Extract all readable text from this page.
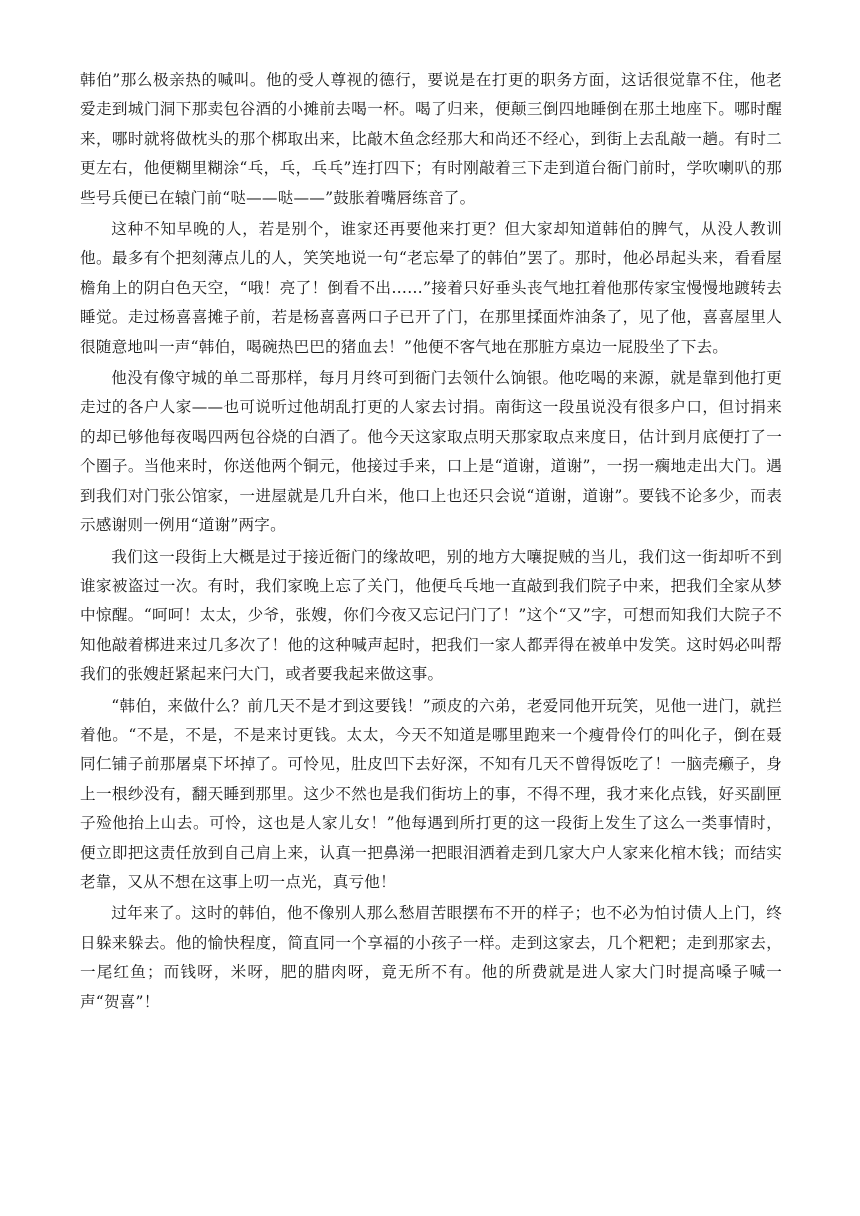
韩伯”那么极亲热的喊叫。他的受人尊视的德行，要说是在打更的职务方面，这话很觉靠不住，他老爱走到城门洞下那卖包谷酒的小摊前去喝一杯。喝了归来，便颠三倒四地睡倒在那土地座下。哪时醒来，哪时就将做枕头的那个梆取出来，比敲木鱼念经那大和尚还不经心，到街上去乱敲一趟。有时二更左右，他便糊里糊涂“乓，乓，乓乓”连打四下；有时刚敲着三下走到道台衙门前时，学吹喇叭的那些号兵便已在辕门前“哒——哒——”鼓胀着嘴唇练音了。

这种不知早晚的人，若是别个，谁家还再要他来打更？但大家却知道韩伯的脾气，从没人教训他。最多有个把刻薄点儿的人，笑笑地说一句“老忘晕了的韩伯”罢了。那时，他必昂起头来，看看屋檐角上的阴白色天空，“哦！亮了！倒看不出……”接着只好垂头丧气地扛着他那传家宝慢慢地踱转去睡觉。走过杨喜喜摊子前，若是杨喜喜两口子已开了门，在那里揉面炸油条了，见了他，喜喜屋里人很随意地叫一声“韩伯，喝碗热巴巴的猪血去！”他便不客气地在那脏方桌边一屁股坐了下去。

他没有像守城的单二哥那样，每月月终可到衙门去领什么饷银。他吃喝的来源，就是靠到他打更走过的各户人家——也可说听过他胡乱打更的人家去讨捐。南街这一段虽说没有很多户口，但讨捐来的却已够他每夜喝四两包谷烧的白酒了。他今天这家取点明天那家取点来度日，估计到月底便打了一个圈子。当他来时，你送他两个铜元，他接过手来，口上是“道谢，道谢”，一拐一瘸地走出大门。遇到我们对门张公馆家，一进屋就是几升白米，他口上也还只会说“道谢，道谢”。要钱不论多少，而表示感谢则一例用“道谢”两字。

我们这一段街上大概是过于接近衙门的缘故吧，别的地方大嚷捉贼的当儿，我们这一街却听不到谁家被盗过一次。有时，我们家晚上忘了关门，他便乓乓地一直敲到我们院子中来，把我们全家从梦中惊醒。“呵呵！太太，少爷，张嫂，你们今夜又忘记闩门了！”这个“又”字，可想而知我们大院子不知他敲着梆进来过几多次了！他的这种喊声起时，把我们一家人都弄得在被单中发笑。这时妈必叫帮我们的张嫂赶紧起来闩大门，或者要我起来做这事。

“韩伯，来做什么？前几天不是才到这要钱！”顽皮的六弟，老爱同他开玩笑，见他一进门，就拦着他。“不是，不是，不是来讨更钱。太太，今天不知道是哪里跑来一个瘦骨伶仃的叫化子，倒在聂同仁铺子前那屠桌下坏掉了。可怜见，肚皮凹下去好深，不知有几天不曾得饭吃了！一脑壳癞子，身上一根纱没有，翻天睡到那里。这少不然也是我们街坊上的事，不得不理，我才来化点钱，好买副匣子殓他抬上山去。可怜，这也是人家儿女！”他每遇到所打更的这一段街上发生了这么一类事情时，便立即把这责任放到自己肩上来，认真一把鼻涕一把眼泪洒着走到几家大户人家来化棺木钱；而结实老靠，又从不想在这事上叨一点光，真亏他！

过年来了。这时的韩伯，他不像别人那么愁眉苦眼摆布不开的样子；也不必为怕讨债人上门，终日躲来躲去。他的愉快程度，简直同一个享福的小孩子一样。走到这家去，几个粑粑；走到那家去，一尾红鱼；而钱呀，米呀，肥的腊肉呀，竟无所不有。他的所费就是进人家大门时提高嗓子喊一声“贺喜”！
